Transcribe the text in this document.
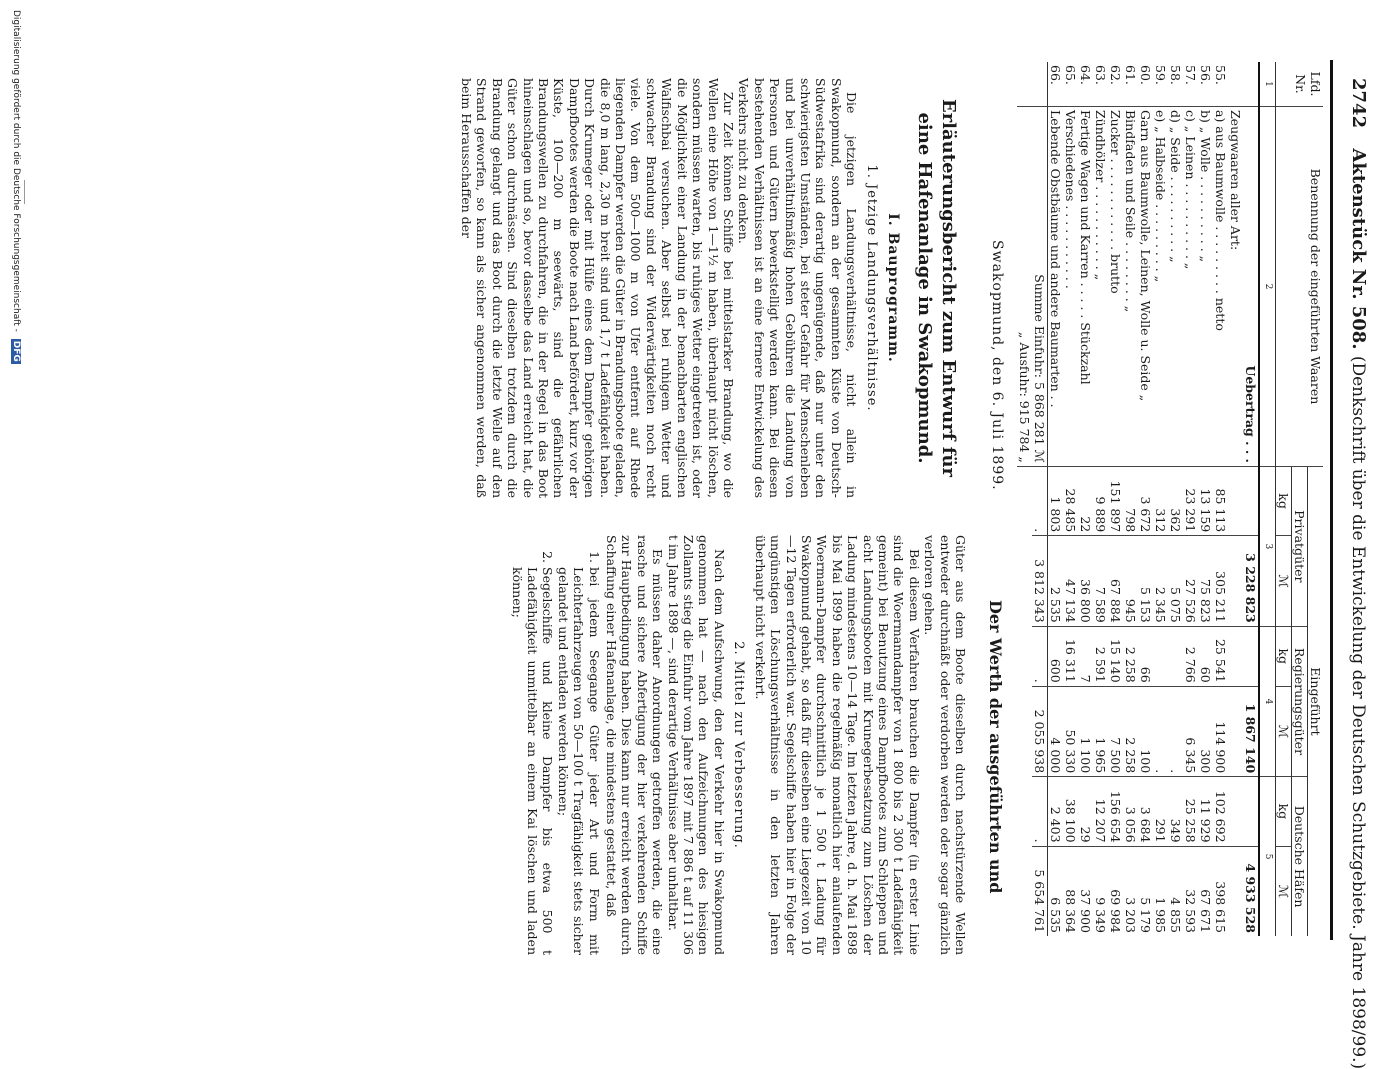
2742 Aktenstück Nr. 508. (Denkschrift über die Entwickelung der Deutschen Schutzgebiete. Jahre 1898/99.)
Lfd. Nr.	Benennung der eingeführten Waaren	Eingeführt					
		Privatgüter		Regierungsgüter		Deutsche Häfen	
		kg	ℳ	kg	ℳ	kg	ℳ
1	2	3		4		5	
	Uebertrag . . .		3 228 823		1 867 140		4 933 528
	Zeugwaaren aller Art:						
55.	a) aus Baumwolle . . . . . . . . . netto	85 113	305 211	25 541	114 900	102 692	398 615
56.	b) „ Wolle . . . . . . . . . . „	13 159	75 823	60	300	11 929	67 671
57.	c) „ Leinen . . . . . . . . . . „	23 291	27 526	2 766	6 345	25 258	32 593
58.	d) „ Seide . . . . . . . . . . „	362	5 075		.	349	4 855
59.	e) „ Halbseide . . . . . . . . . „	312	2 345		.	291	1 985
60.	Garn aus Baumwolle, Leinen, Wolle u. Seide „	3 672	5 153	66	100	3 684	5 179
61.	Bindfaden und Seile . . . . . . . . „	798	945	2 258	2 258	3 056	3 203
62.	Zucker . . . . . . . . . . . . brutto	151 897	67 884	15 140	7 500	156 654	69 984
63.	Zündhölzer . . . . . . . . . . . „	9 889	7 589	2 591	1 965	12 207	9 349
64.	Fertige Wagen und Karren . . . . . Stückzahl	22	36 800	7	1 100	29	37 900
65.	Verschiedenes . . . . . . . . . . .	28 485	47 134	16 311	50 330	38 100	88 364
66.	Lebende Obstbäume und andere Baumarten . .	1 803	2 535	600	4 000	2 403	6 535
	Summe Einfuhr: 5 868 281 ℳ	.	3 812 343	.	2 055 938	.	5 654 761
	„ Ausfuhr: 915 784 „						
Swakopmund, den 6. Juli 1899.
Der Werth der ausgeführten und
Erläuterungsbericht zum Entwurf für eine Hafenanlage in Swakopmund.
I. Bauprogramm.
1. Jetzige Landungsverhältnisse.

Die jetzigen Landungsverhältnisse, nicht allein in Swakopmund, sondern an der gesammten Küste von Deutsch-Südwestafrika sind derartig ungenügende, daß nur unter den schwierigsten Umständen, bei steter Gefahr für Menschenleben und bei unverhältnißmäßig hohen Gebühren die Landung von Personen und Gütern bewerkstelligt werden kann. Bei diesen bestehenden Verhältnissen ist an eine fernere Entwickelung des Verkehrs nicht zu denken.

Zur Zeit können Schiffe bei mittelstarker Brandung, wo die Wellen eine Höhe von 1—1½ m haben, überhaupt nicht löschen, sondern müssen warten, bis ruhiges Wetter eingetreten ist, oder die Möglichkeit einer Landung in der benachbarten englischen Walfischbai versuchen. Aber selbst bei ruhigem Wetter und schwacher Brandung sind der Widerwärtigkeiten noch recht viele. Von dem 500—1000 m von Ufer entfernt auf Rhede liegenden Dampfer werden die Güter in Brandungsboote geladen, die 8,0 m lang, 2,30 m breit sind und 1,7 t Ladefähigkeit haben. Durch Krumeger oder mit Hülfe eines dem Dampfer gehörigen Dampfbootes werden die Boote nach Land befördert, kurz vor der Küste, 100—200 m seewärts, sind die gefährlichen Brandungswellen zu durchfahren, die in der Regel in das Boot hineinschlagen und so, bevor dasselbe das Land erreicht hat, die Güter schon durchnässen. Sind dieselben trotzdem durch die Brandung gelangt und das Boot durch die letzte Welle auf den Strand geworfen, so kann als sicher angenommen werden, daß beim Herausschaffen der

Güter aus dem Boote dieselben durch nachstürzende Wellen entweder durchnäßt oder verdorben werden oder sogar gänzlich verloren gehen.

Bei diesem Verfahren brauchen die Dampfer (in erster Linie sind die Woermanndampfer von 1 800 bis 2 300 t Ladefähigkeit gemeint) bei Benutzung eines Dampfbootes zum Schleppen und acht Landungsbooten mit Krunegerbesatzung zum Löschen der Ladung mindestens 10—14 Tage. Im letzten Jahre, d. h. Mai 1898 bis Mai 1899 haben die regelmäßig monatlich hier anlaufenden Woermann-Dampfer durchschnittlich je 1 500 t Ladung für Swakopmund gehabt, so daß für dieselben eine Liegezeit von 10—12 Tagen erforderlich war. Segelschiffe haben hier in Folge der ungünstigen Löschungsverhältnisse in den letzten Jahren überhaupt nicht verkehrt.

2. Mittel zur Verbesserung.

Nach dem Aufschwung, den der Verkehr hier in Swakopmund genommen hat — nach den Aufzeichnungen des hiesigen Zollamts stieg die Einfuhr vom Jahre 1897 mit 7 886 t auf 11 306 t im Jahre 1898 —, sind derartige Verhältnisse aber unhaltbar.

Es müssen daher Anordnungen getroffen werden, die eine rasche und sichere Abfertigung der hier verkehrenden Schiffe zur Hauptbedingung haben. Dies kann nur erreicht werden durch Schaffung einer Hafenanlage, die mindestens gestattet, daß

1. bei jedem Seegange Güter jeder Art und Form mit Leichterfahrzeugen von 50—100 t Tragfähigkeit stets sicher gelandet und entladen werden können;
2. Segelschiffe und kleine Dampfer bis etwa 500 t Ladefähigkeit unmittelbar an einem Kai löschen und laden können;
Digitalisierung gefördert durch die Deutsche Forschungsgemeinschaft - DFG
